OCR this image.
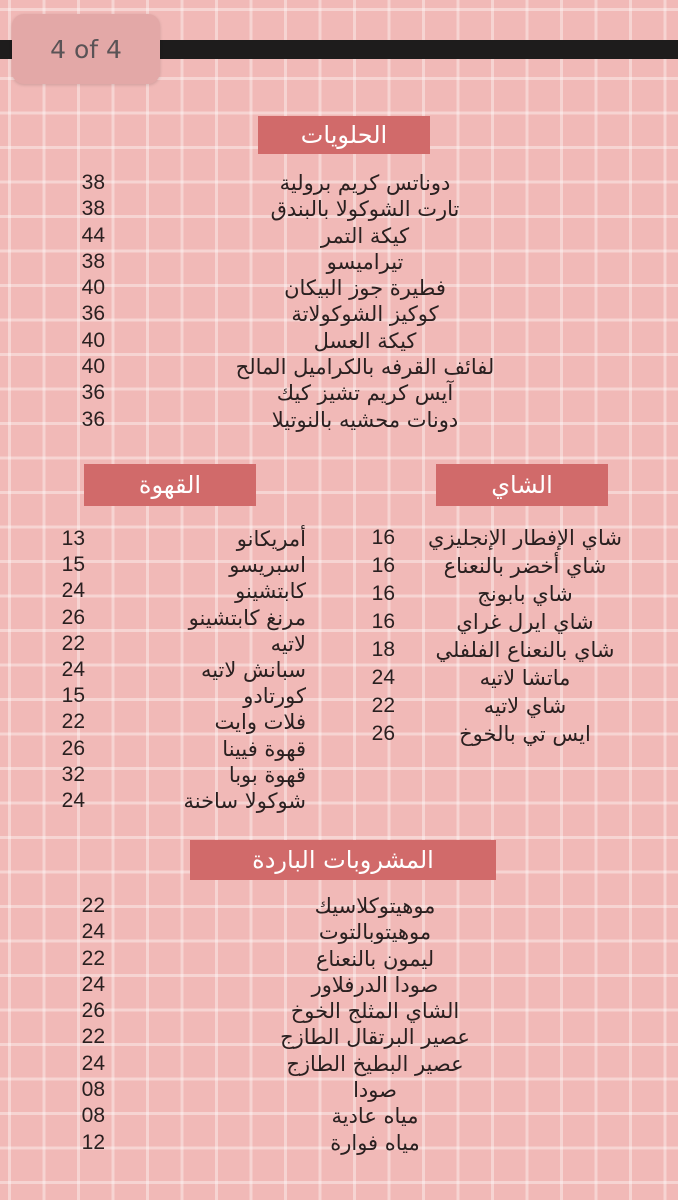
4 of 4
الحلويات
38	دوناتس كريم برولية
38	تارت الشوكولا بالبندق
44	كيكة التمر
38	تيراميسو
40	فطيرة جوز البيكان
36	كوكيز الشوكولاتة
40	كيكة العسل
40	لفائف القرفه بالكراميل المالح
36	آيس كريم تشيز كيك
36	دونات محشيه بالنوتيلا
القهوة
13	أمريكانو
15	اسبريسو
24	كابتشينو
26	مرنغ كابتشينو
22	لاتيه
24	سبانش لاتيه
15	كورتادو
22	فلات وايت
26	قهوة فيينا
32	قهوة بوبا
24	شوكولا ساخنة
الشاي
16	شاي الإفطار الإنجليزي
16	شاي أخضر بالنعناع
16	شاي بابونج
16	شاي ايرل غراي
18	شاي بالنعناع الفلفلي
24	ماتشا لاتيه
22	شاي لاتيه
26	ايس تي بالخوخ
المشروبات الباردة
22	موهيتوكلاسيك
24	موهيتوبالتوت
22	ليمون بالنعناع
24	صودا الدرفلاور
26	الشاي المثلج الخوخ
22	عصير البرتقال الطازج
24	عصير البطيخ الطازج
08	صودا
08	مياه عادية
12	مياه فوارة
